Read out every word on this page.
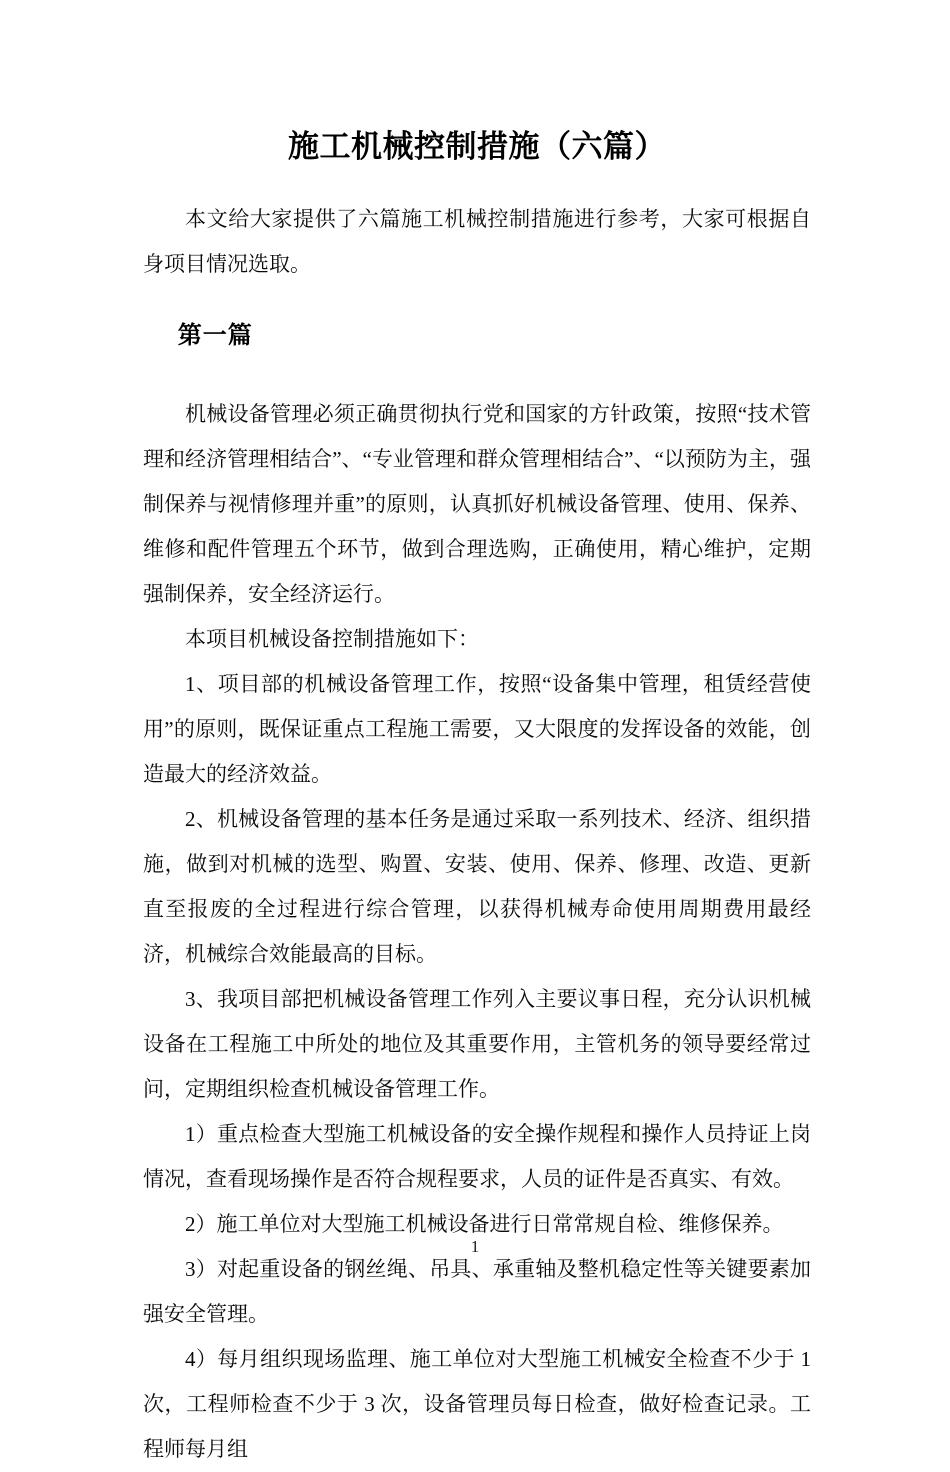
施工机械控制措施（六篇）

本文给大家提供了六篇施工机械控制措施进行参考，大家可根据自身项目情况选取。

第一篇

机械设备管理必须正确贯彻执行党和国家的方针政策，按照“技术管理和经济管理相结合”、“专业管理和群众管理相结合”、“以预防为主，强制保养与视情修理并重”的原则，认真抓好机械设备管理、使用、保养、维修和配件管理五个环节，做到合理选购，正确使用，精心维护，定期强制保养，安全经济运行。

本项目机械设备控制措施如下：

1、项目部的机械设备管理工作，按照“设备集中管理，租赁经营使用”的原则，既保证重点工程施工需要，又大限度的发挥设备的效能，创造最大的经济效益。

2、机械设备管理的基本任务是通过采取一系列技术、经济、组织措施，做到对机械的选型、购置、安装、使用、保养、修理、改造、更新直至报废的全过程进行综合管理，以获得机械寿命使用周期费用最经济，机械综合效能最高的目标。

3、我项目部把机械设备管理工作列入主要议事日程，充分认识机械设备在工程施工中所处的地位及其重要作用，主管机务的领导要经常过问，定期组织检查机械设备管理工作。

1）重点检查大型施工机械设备的安全操作规程和操作人员持证上岗情况，查看现场操作是否符合规程要求，人员的证件是否真实、有效。

2）施工单位对大型施工机械设备进行日常常规自检、维修保养。

3）对起重设备的钢丝绳、吊具、承重轴及整机稳定性等关键要素加强安全管理。

4）每月组织现场监理、施工单位对大型施工机械安全检查不少于 1 次，工程师检查不少于 3 次，设备管理员每日检查，做好检查记录。工程师每月组

1
